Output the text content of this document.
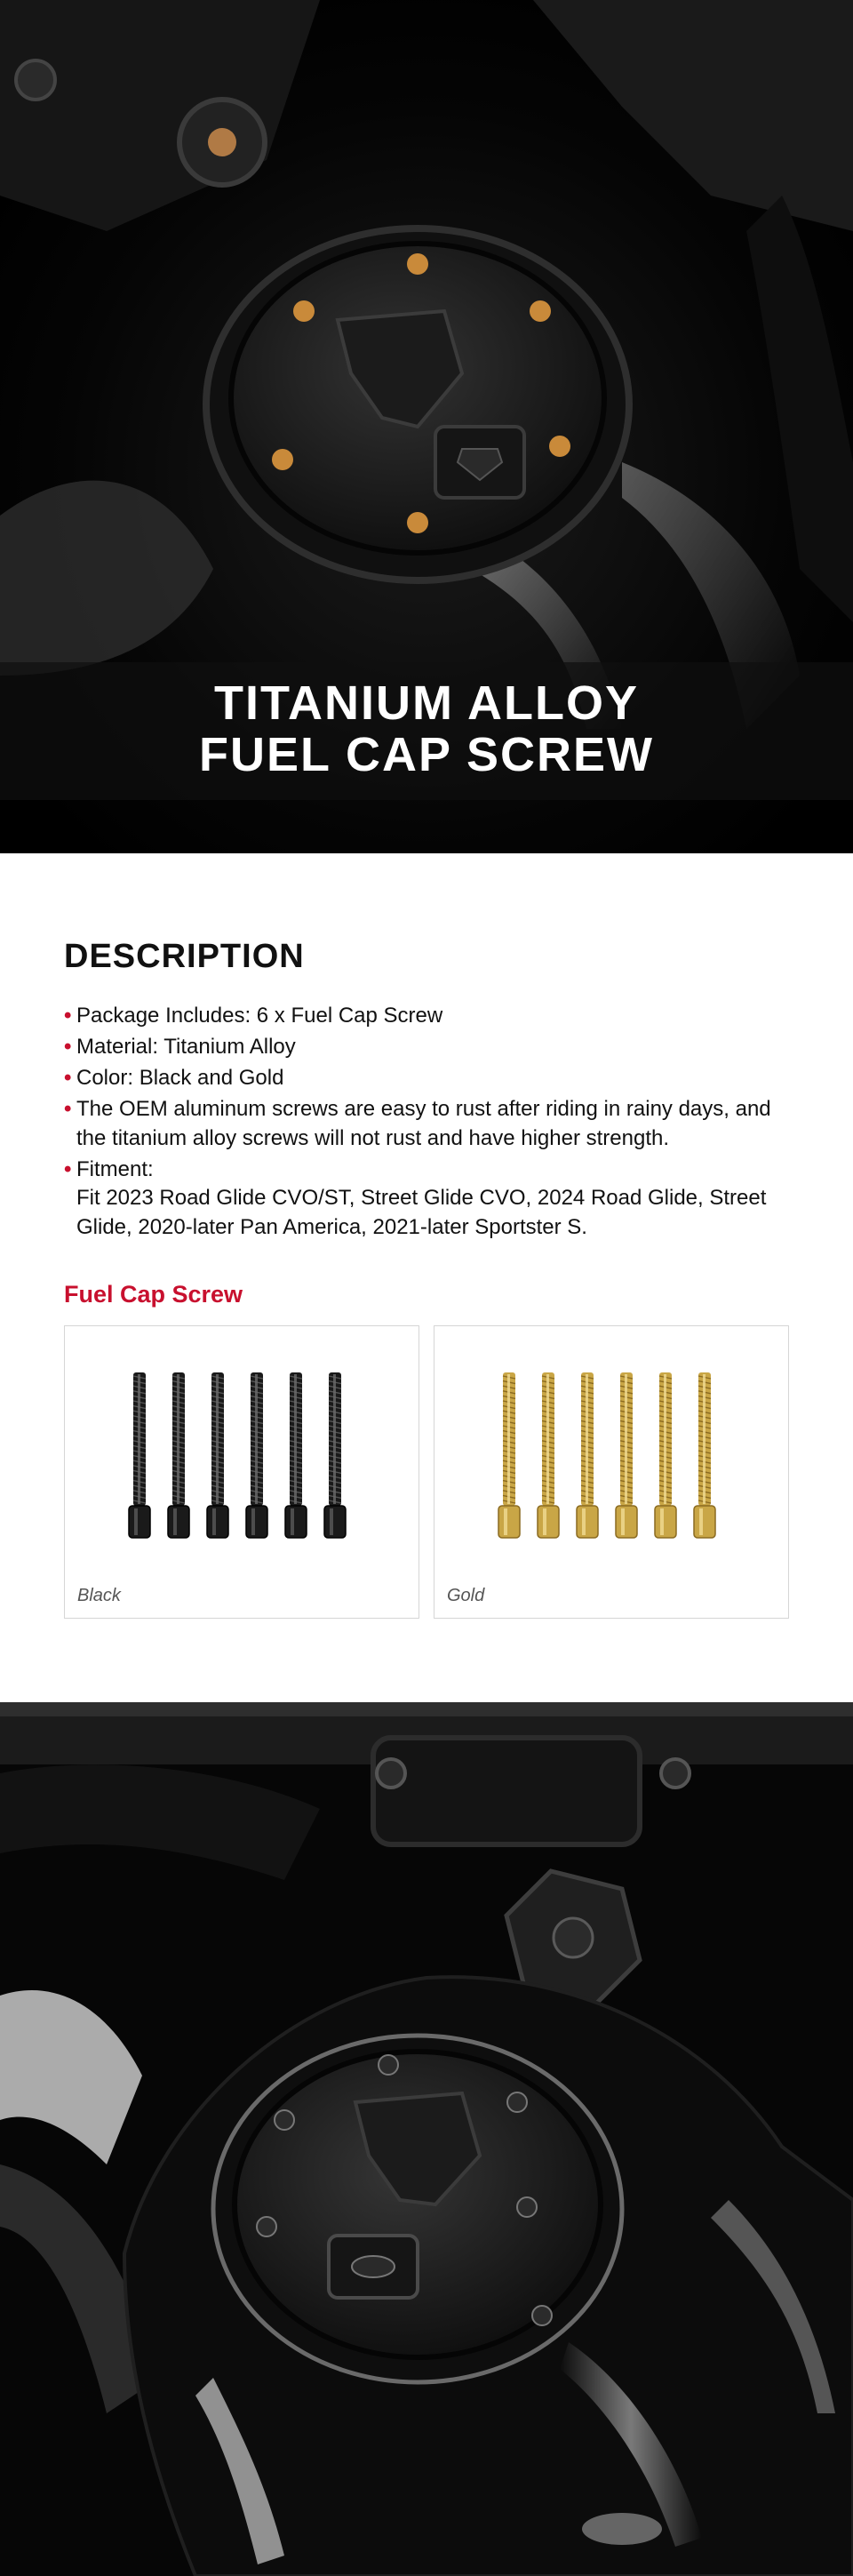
TITANIUM ALLOY
FUEL CAP SCREW
DESCRIPTION
• Package Includes: 6 x Fuel Cap Screw
• Material: Titanium Alloy
• Color: Black and Gold
• The OEM aluminum screws are easy to rust after riding in rainy days, and the titanium alloy screws will not rust and have higher strength.
• Fitment:
Fit 2023 Road Glide CVO/ST, Street Glide CVO, 2024 Road Glide, Street Glide, 2020-later Pan America, 2021-later Sportster S.
Fuel Cap Screw
Black	Gold
